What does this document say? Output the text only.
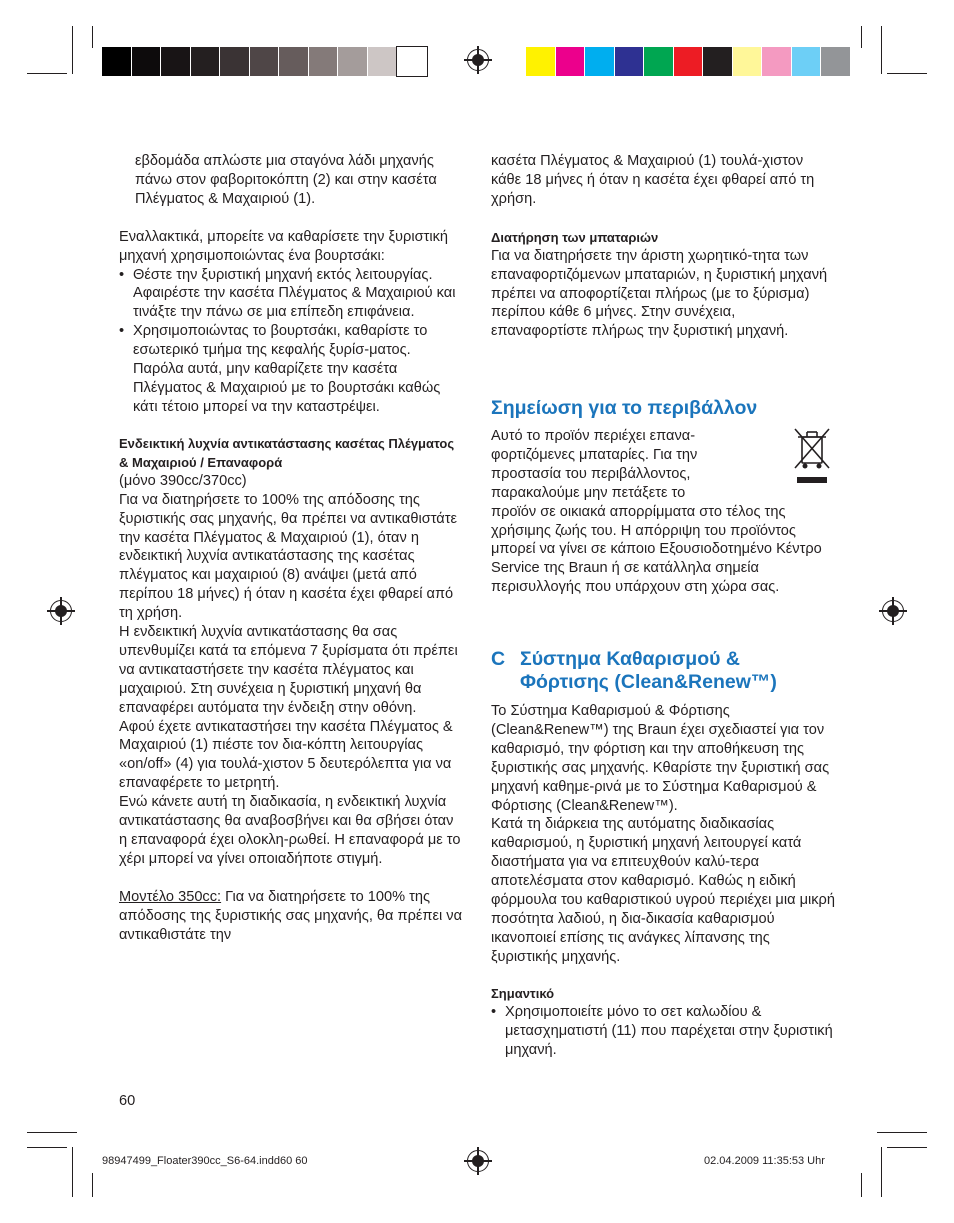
εβδομάδα απλώστε μια σταγόνα λάδι μηχανής πάνω στον φαβοριτοκόπτη (2) και στην κασέτα Πλέγματος & Μαχαιριού (1).

Εναλλακτικά, μπορείτε να καθαρίσετε την ξυριστική μηχανή χρησιμοποιώντας ένα βουρτσάκι:

• Θέστε την ξυριστική μηχανή εκτός λειτουργίας. Αφαιρέστε την κασέτα Πλέγματος & Μαχαιριού και τινάξτε την πάνω σε μια επίπεδη επιφάνεια.

• Χρησιμοποιώντας το βουρτσάκι, καθαρίστε το εσωτερικό τμήμα της κεφαλής ξυρίσ-ματος. Παρόλα αυτά, μην καθαρίζετε την κασέτα Πλέγματος & Μαχαιριού με το βουρτσάκι καθώς κάτι τέτοιο μπορεί να την καταστρέψει.

Ενδεικτική λυχνία αντικατάστασης κασέτας Πλέγματος & Μαχαιριού / Επαναφορά

(μόνο 390cc/370cc)

Για να διατηρήσετε το 100% της απόδοσης της ξυριστικής σας μηχανής, θα πρέπει να αντικαθιστάτε την κασέτα Πλέγματος & Μαχαιριού (1), όταν η ενδεικτική λυχνία αντικατάστασης της κασέτας πλέγματος και μαχαιριού (8) ανάψει (μετά από περίπου 18 μήνες) ή όταν η κασέτα έχει φθαρεί από τη χρήση.

Η ενδεικτική λυχνία αντικατάστασης θα σας υπενθυμίζει κατά τα επόμενα 7 ξυρίσματα ότι πρέπει να αντικαταστήσετε την κασέτα πλέγματος και μαχαιριού. Στη συνέχεια η ξυριστική μηχανή θα επαναφέρει αυτόματα την ένδειξη στην οθόνη.

Αφού έχετε αντικαταστήσει την κασέτα Πλέγματος & Μαχαιριού (1) πιέστε τον δια-κόπτη λειτουργίας «on/off» (4) για τουλά-χιστον 5 δευτερόλεπτα για να επαναφέρετε το μετρητή.

Ενώ κάνετε αυτή τη διαδικασία, η ενδεικτική λυχνία αντικατάστασης θα αναβοσβήνει και θα σβήσει όταν η επαναφορά έχει ολοκλη-ρωθεί. Η επαναφορά με το χέρι μπορεί να γίνει οποιαδήποτε στιγμή.

Μοντέλο 350cc: Για να διατηρήσετε το 100% της απόδοσης της ξυριστικής σας μηχανής, θα πρέπει να αντικαθιστάτε την

60

κασέτα Πλέγματος & Μαχαιριού (1) τουλά-χιστον κάθε 18 μήνες ή όταν η κασέτα έχει φθαρεί από τη χρήση.

Διατήρηση των μπαταριών

Για να διατηρήσετε την άριστη χωρητικό-τητα των επαναφορτιζόμενων μπαταριών, η ξυριστική μηχανή πρέπει να αποφορτίζεται πλήρως (με το ξύρισμα) περίπου κάθε 6 μήνες. Στην συνέχεια, επαναφορτίστε πλήρως την ξυριστική μηχανή.

Σημείωση για το περιβάλλον

Αυτό το προϊόν περιέχει επανα-φορτιζόμενες μπαταρίες. Για την προστασία του περιβάλλοντος, παρακαλούμε μην πετάξετε το

προϊόν σε οικιακά απορρίμματα στο τέλος της χρήσιμης ζωής του. Η απόρριψη του προϊόντος μπορεί να γίνει σε κάποιο Εξουσιοδοτημένο Κέντρο Service της Braun ή σε κατάλληλα σημεία περισυλλογής που υπάρχουν στη χώρα σας.

C Σύστημα Καθαρισμού &
Φόρτισης (Clean&Renew™)

Το Σύστημα Καθαρισμού & Φόρτισης (Clean&Renew™) της Braun έχει σχεδιαστεί για τον καθαρισμό, την φόρτιση και την αποθήκευση της ξυριστικής σας μηχανής. Κθαρίστε την ξυριστική σας μηχανή καθημε-ρινά με το Σύστημα Καθαρισμού & Φόρτισης (Clean&Renew™).

Κατά τη διάρκεια της αυτόματης διαδικασίας καθαρισμού, η ξυριστική μηχανή λειτουργεί κατά διαστήματα για να επιτευχθούν καλύ-τερα αποτελέσματα στον καθαρισμό. Καθώς η ειδική φόρμουλα του καθαριστικού υγρού περιέχει μια μικρή ποσότητα λαδιού, η δια-δικασία καθαρισμού ικανοποιεί επίσης τις ανάγκες λίπανσης της ξυριστικής μηχανής.

Σημαντικό

• Χρησιμοποιείτε μόνο το σετ καλωδίου & μετασχηματιστή (11) που παρέχεται στην ξυριστική μηχανή.

98947499_Floater390cc_S6-64.indd60 60	02.04.2009 11:35:53 Uhr
